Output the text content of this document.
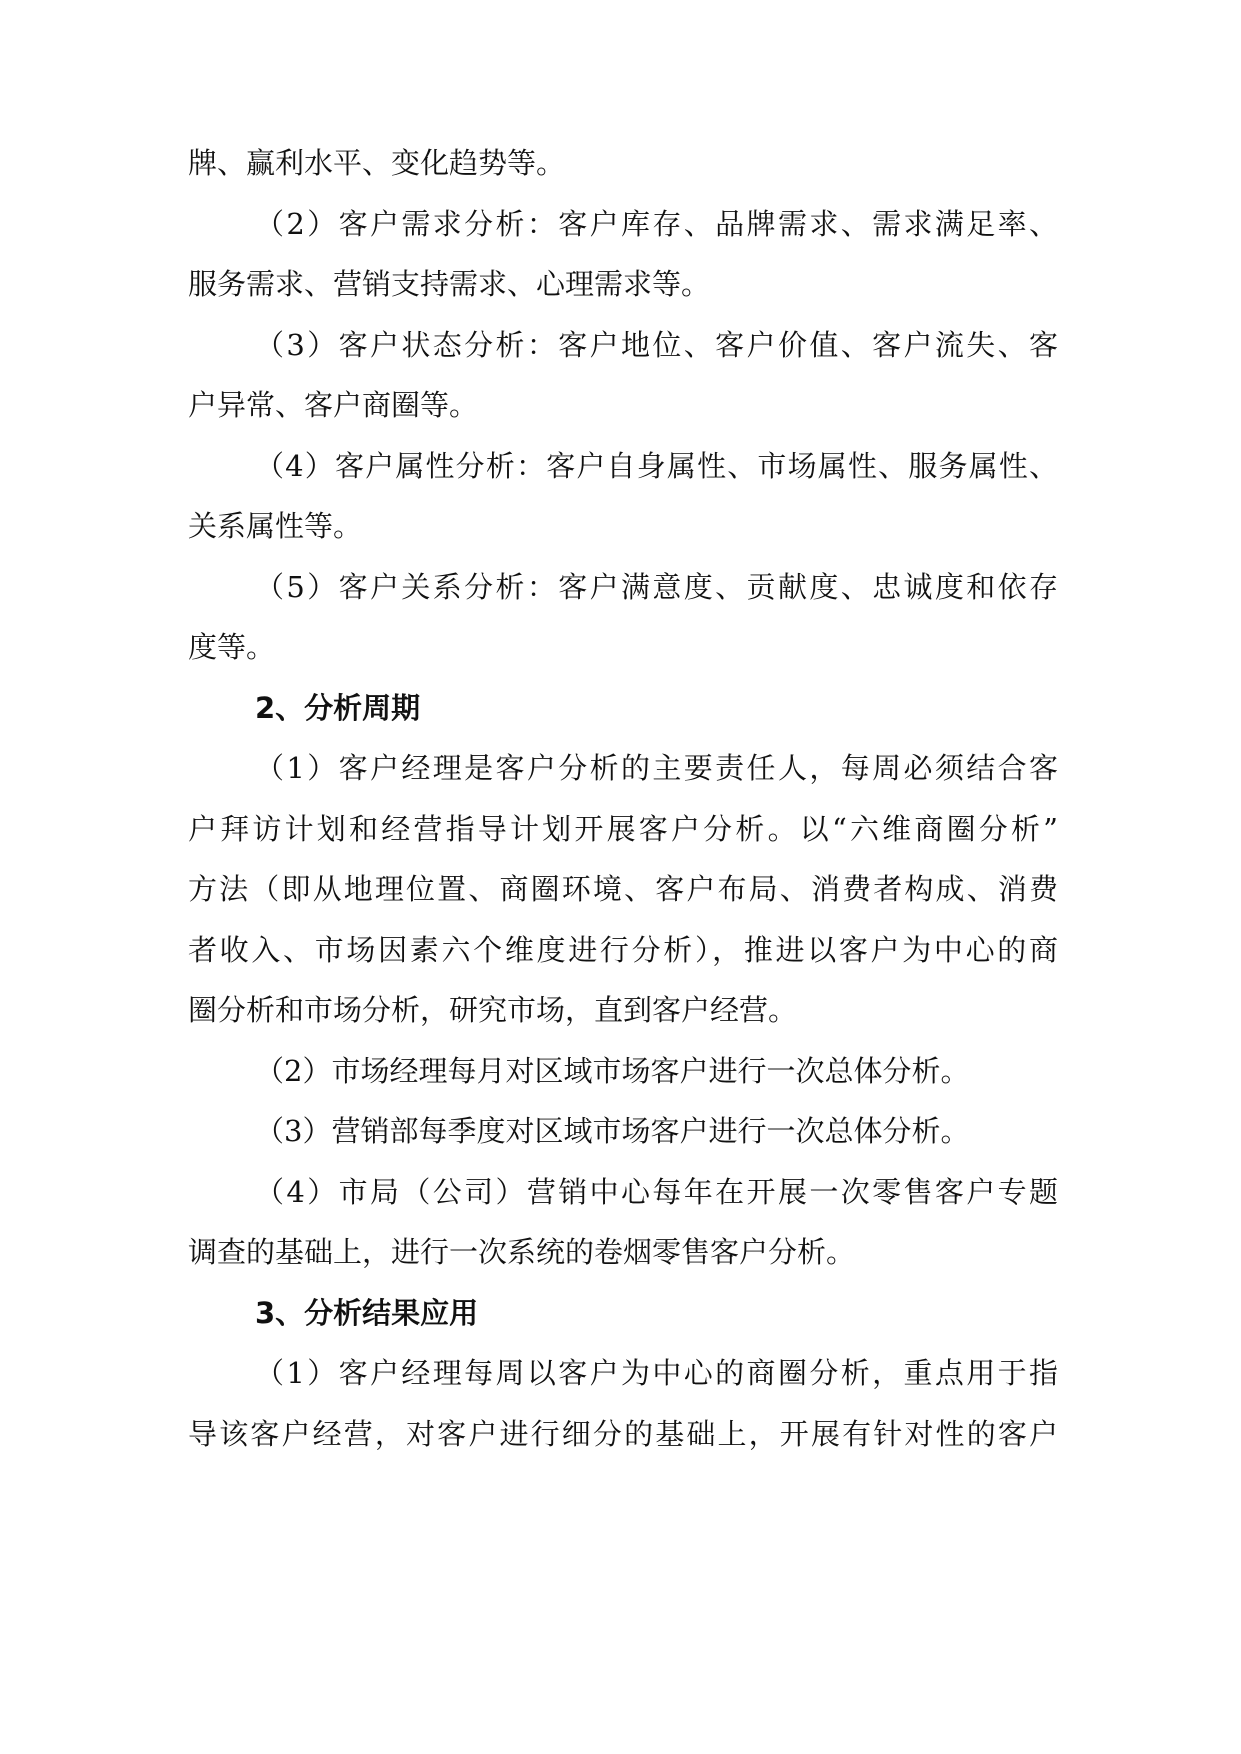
牌、赢利水平、变化趋势等。
（2）客户需求分析：客户库存、品牌需求、需求满足率、
服务需求、营销支持需求、心理需求等。
（3）客户状态分析：客户地位、客户价值、客户流失、客
户异常、客户商圈等。
（4）客户属性分析：客户自身属性、市场属性、服务属性、
关系属性等。
（5）客户关系分析：客户满意度、贡献度、忠诚度和依存
度等。
2、分析周期
（1）客户经理是客户分析的主要责任人，每周必须结合客
户拜访计划和经营指导计划开展客户分析。以“六维商圈分析”
方法（即从地理位置、商圈环境、客户布局、消费者构成、消费
者收入、市场因素六个维度进行分析），推进以客户为中心的商
圈分析和市场分析，研究市场，直到客户经营。
（2）市场经理每月对区域市场客户进行一次总体分析。
（3）营销部每季度对区域市场客户进行一次总体分析。
（4）市局（公司）营销中心每年在开展一次零售客户专题
调查的基础上，进行一次系统的卷烟零售客户分析。
3、分析结果应用
（1）客户经理每周以客户为中心的商圈分析，重点用于指
导该客户经营，对客户进行细分的基础上，开展有针对性的客户
